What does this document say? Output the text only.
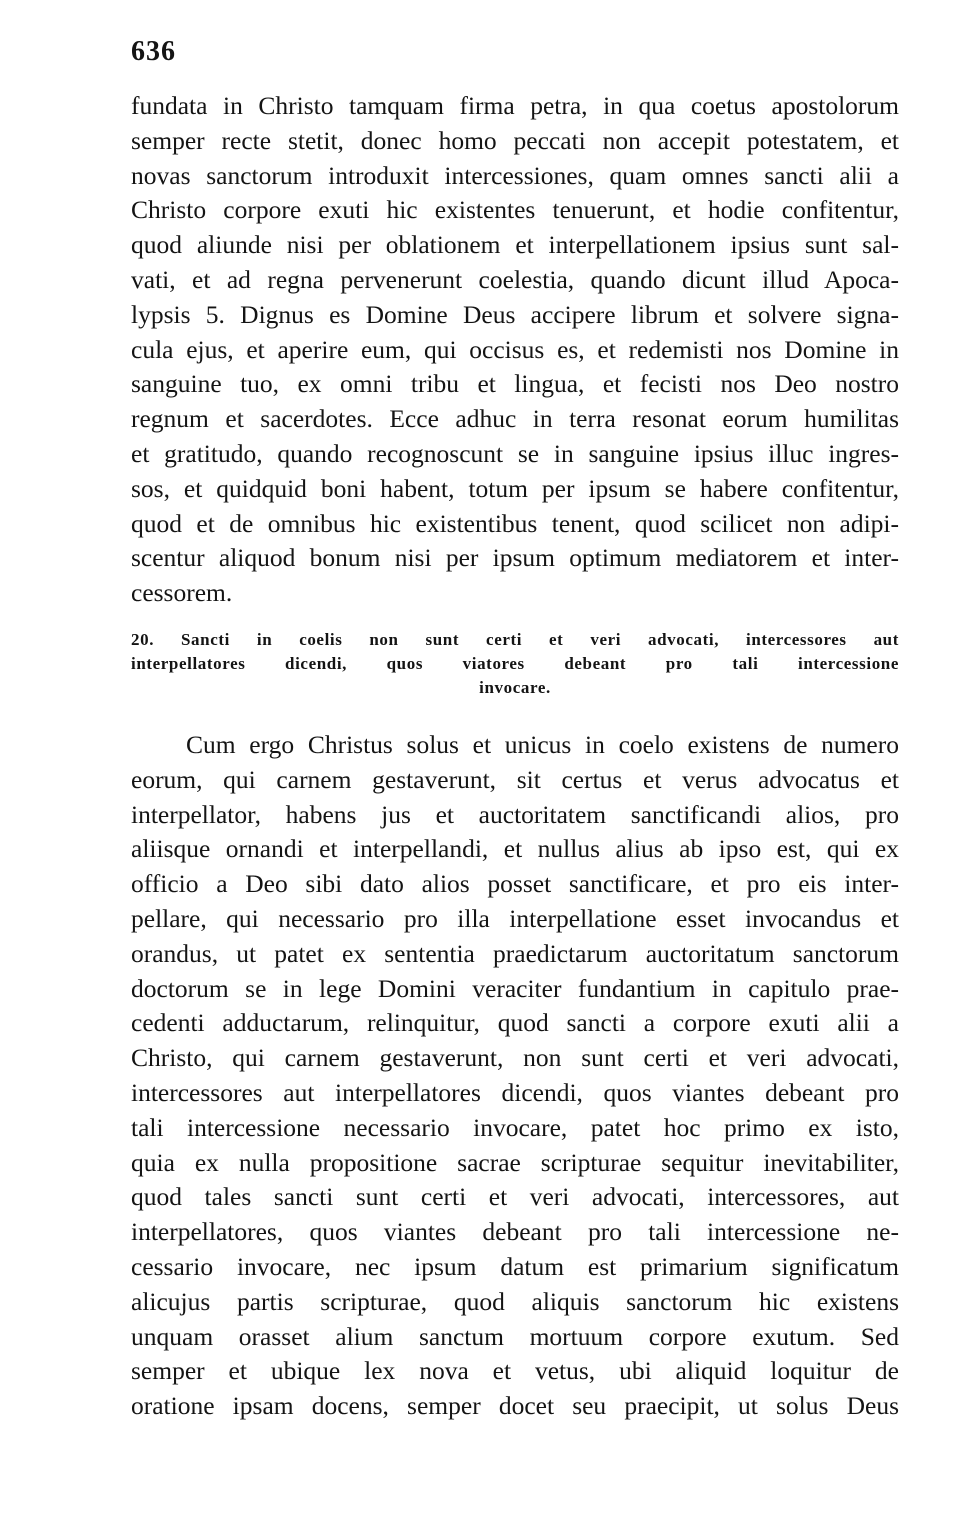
636
fundata in Christo tamquam firma petra, in qua coetus apostolorum
semper recte stetit, donec homo peccati non accepit potestatem, et
novas sanctorum introduxit intercessiones, quam omnes sancti alii a
Christo corpore exuti hic existentes tenuerunt, et hodie confitentur,
quod aliunde nisi per oblationem et interpellationem ipsius sunt sal-
vati, et ad regna pervenerunt coelestia, quando dicunt illud Apoca-
lypsis 5. Dignus es Domine Deus accipere librum et solvere signa-
cula ejus, et aperire eum, qui occisus es, et redemisti nos Domine in
sanguine tuo, ex omni tribu et lingua, et fecisti nos Deo nostro
regnum et sacerdotes. Ecce adhuc in terra resonat eorum humilitas
et gratitudo, quando recognoscunt se in sanguine ipsius illuc ingres-
sos, et quidquid boni habent, totum per ipsum se habere confitentur,
quod et de omnibus hic existentibus tenent, quod scilicet non adipi-
scentur aliquod bonum nisi per ipsum optimum mediatorem et inter-
cessorem.
20. Sancti in coelis non sunt certi et veri advocati, intercessores aut
interpellatores dicendi, quos viatores debeant pro tali intercessione
invocare.
Cum ergo Christus solus et unicus in coelo existens de numero
eorum, qui carnem gestaverunt, sit certus et verus advocatus et
interpellator, habens jus et auctoritatem sanctificandi alios, pro
aliisque ornandi et interpellandi, et nullus alius ab ipso est, qui ex
officio a Deo sibi dato alios posset sanctificare, et pro eis inter-
pellare, qui necessario pro illa interpellatione esset invocandus et
orandus, ut patet ex sententia praedictarum auctoritatum sanctorum
doctorum se in lege Domini veraciter fundantium in capitulo prae-
cedenti adductarum, relinquitur, quod sancti a corpore exuti alii a
Christo, qui carnem gestaverunt, non sunt certi et veri advocati,
intercessores aut interpellatores dicendi, quos viantes debeant pro
tali intercessione necessario invocare, patet hoc primo ex isto,
quia ex nulla propositione sacrae scripturae sequitur inevitabiliter,
quod tales sancti sunt certi et veri advocati, intercessores, aut
interpellatores, quos viantes debeant pro tali intercessione ne-
cessario invocare, nec ipsum datum est primarium significatum
alicujus partis scripturae, quod aliquis sanctorum hic existens
unquam orasset alium sanctum mortuum corpore exutum. Sed
semper et ubique lex nova et vetus, ubi aliquid loquitur de
oratione ipsam docens, semper docet seu praecipit, ut solus Deus
